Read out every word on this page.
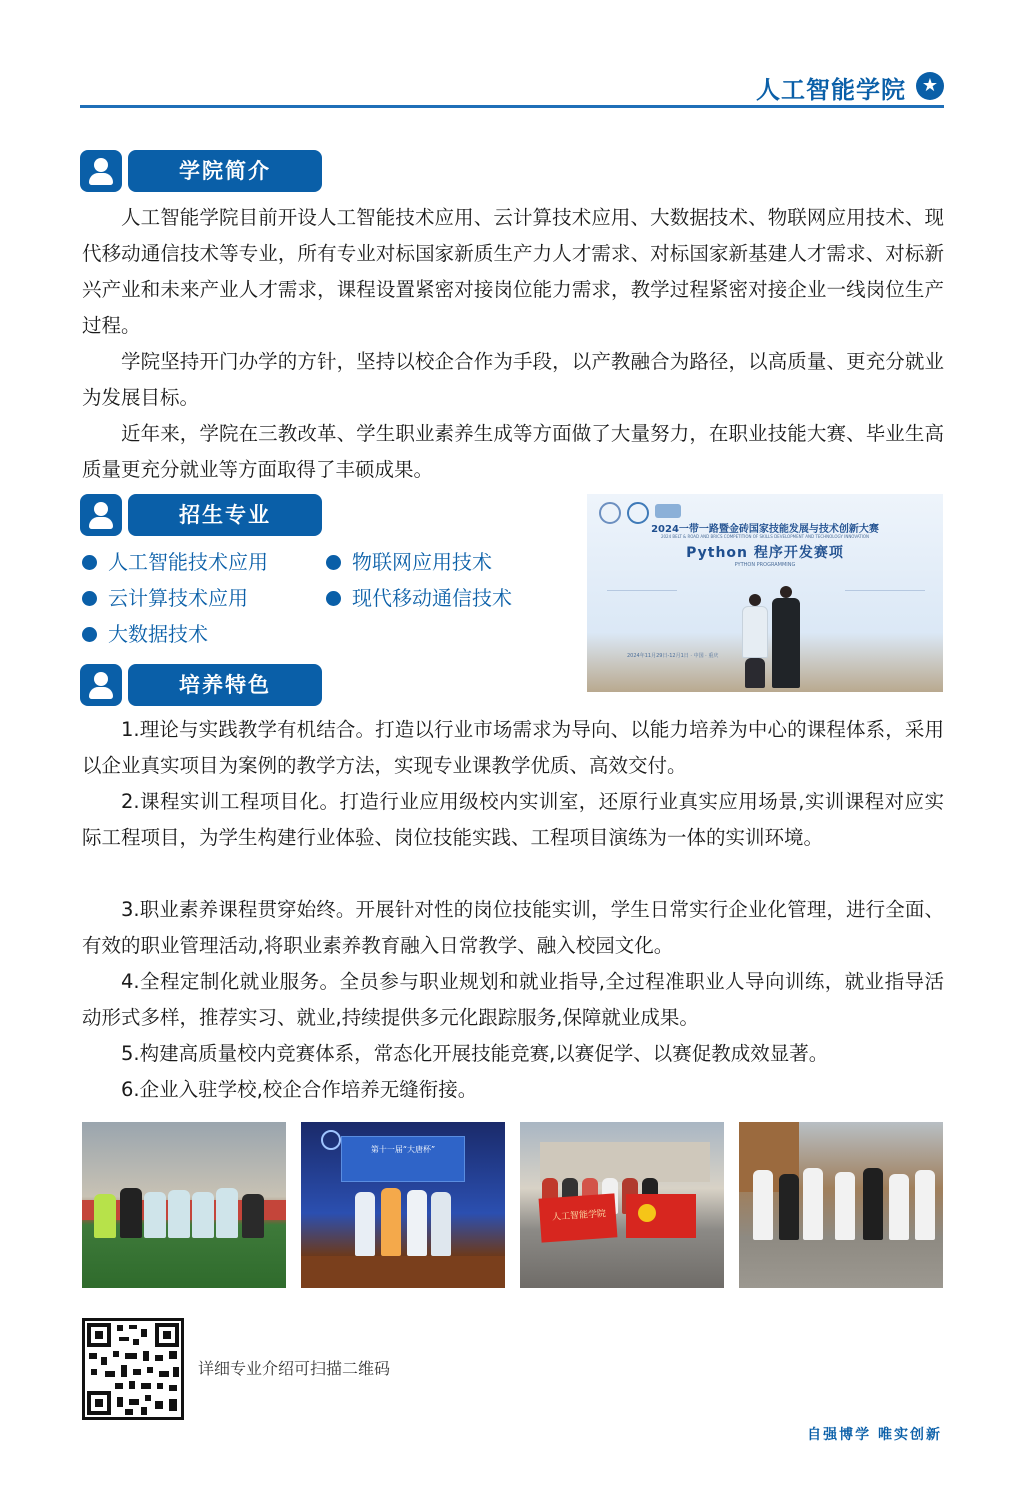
人工智能学院 ★
学院简介

人工智能学院目前开设人工智能技术应用、云计算技术应用、大数据技术、物联网应用技术、现代移动通信技术等专业，所有专业对标国家新质生产力人才需求、对标国家新基建人才需求、对标新兴产业和未来产业人才需求，课程设置紧密对接岗位能力需求，教学过程紧密对接企业一线岗位生产过程。

学院坚持开门办学的方针，坚持以校企合作为手段，以产教融合为路径，以高质量、更充分就业为发展目标。

近年来，学院在三教改革、学生职业素养生成等方面做了大量努力，在职业技能大赛、毕业生高质量更充分就业等方面取得了丰硕成果。

招生专业
人工智能技术应用	物联网应用技术
云计算技术应用	现代移动通信技术
大数据技术
2024一带一路暨金砖国家技能发展与技术创新大赛
2024 BELT & ROAD AND BRICS COMPETITION OF SKILLS DEVELOPMENT AND TECHNOLOGY INNOVATION
Python 程序开发赛项
PYTHON PROGRAMMING
2024年11月29日-12月1日 · 中国 · 重庆
培养特色

1.理论与实践教学有机结合。打造以行业市场需求为导向、以能力培养为中心的课程体系，采用以企业真实项目为案例的教学方法，实现专业课教学优质、高效交付。

2.课程实训工程项目化。打造行业应用级校内实训室，还原行业真实应用场景,实训课程对应实际工程项目，为学生构建行业体验、岗位技能实践、工程项目演练为一体的实训环境。

3.职业素养课程贯穿始终。开展针对性的岗位技能实训，学生日常实行企业化管理，进行全面、有效的职业管理活动,将职业素养教育融入日常教学、融入校园文化。

4.全程定制化就业服务。全员参与职业规划和就业指导,全过程准职业人导向训练，就业指导活动形式多样，推荐实习、就业,持续提供多元化跟踪服务,保障就业成果。

5.构建高质量校内竞赛体系，常态化开展技能竞赛,以赛促学、以赛促教成效显著。

6.企业入驻学校,校企合作培养无缝衔接。

第十一届“大唐杯”
人工智能学院
详细专业介绍可扫描二维码
自强博学 唯实创新
